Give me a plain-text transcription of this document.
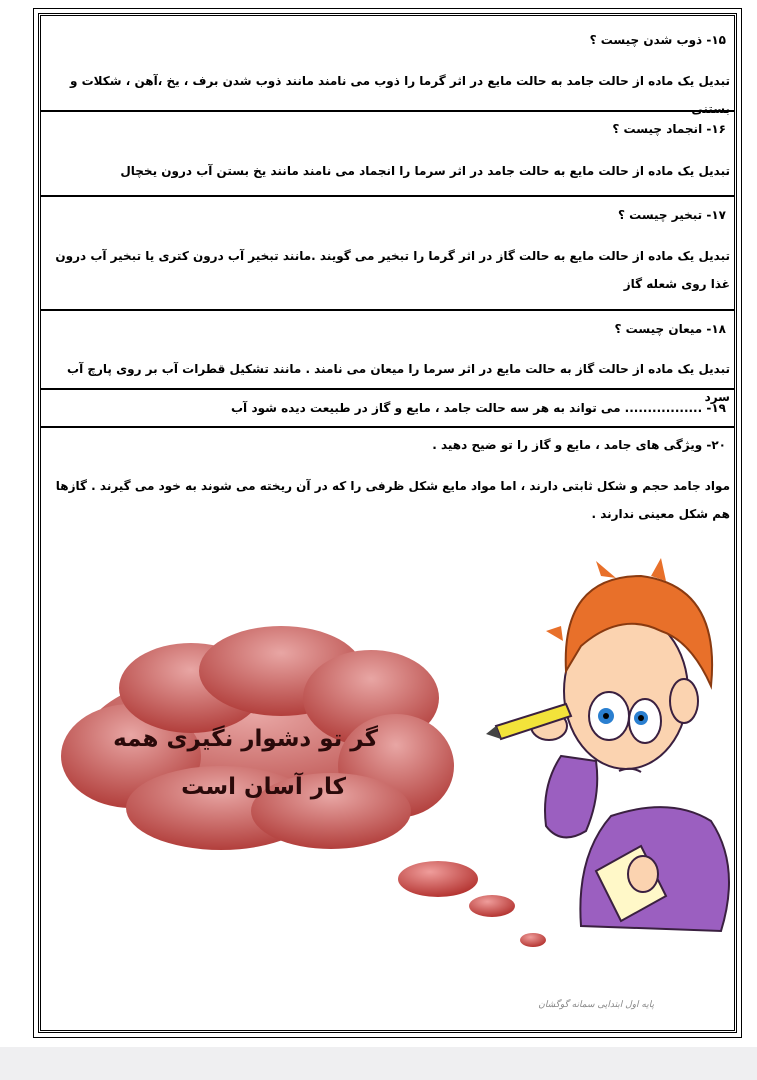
۱۵- ذوب شدن چیست ؟
تبدیل یک ماده از حالت جامد به حالت مایع در اثر گرما را ذوب می نامند مانند ذوب شدن برف ، یخ ،آهن ، شکلات و بستنی
۱۶- انجماد چیست ؟
تبدیل یک ماده از حالت مایع به حالت جامد در اثر سرما را انجماد می نامند مانند یخ بستن آب درون یخچال
۱۷- تبخیر چیست ؟
تبدیل یک ماده از حالت مایع به حالت گاز در اثر گرما را تبخیر می گویند .مانند تبخیر آب درون کتری یا تبخیر آب درون غذا روی شعله گاز
۱۸- میعان چیست ؟
تبدیل یک ماده از حالت گاز به حالت مایع در اثر سرما را میعان می نامند . مانند تشکیل قطرات آب بر روی پارچ آب سرد
۱۹- ................. می تواند به هر سه حالت جامد ، مایع و گاز در طبیعت دیده شود .
آب
۲۰- ویژگی های جامد ، مایع و گاز را تو ضیح دهید .
مواد جامد حجم و شکل ثابتی دارند ، اما مواد مایع شکل ظرفی را که در آن ریخته می شوند به خود می گیرند . گازها هم شکل معینی ندارند .
گر تو دشوار نگیری همه
کار آسان است
پایه اول ابتدایی سمانه گوگشان
